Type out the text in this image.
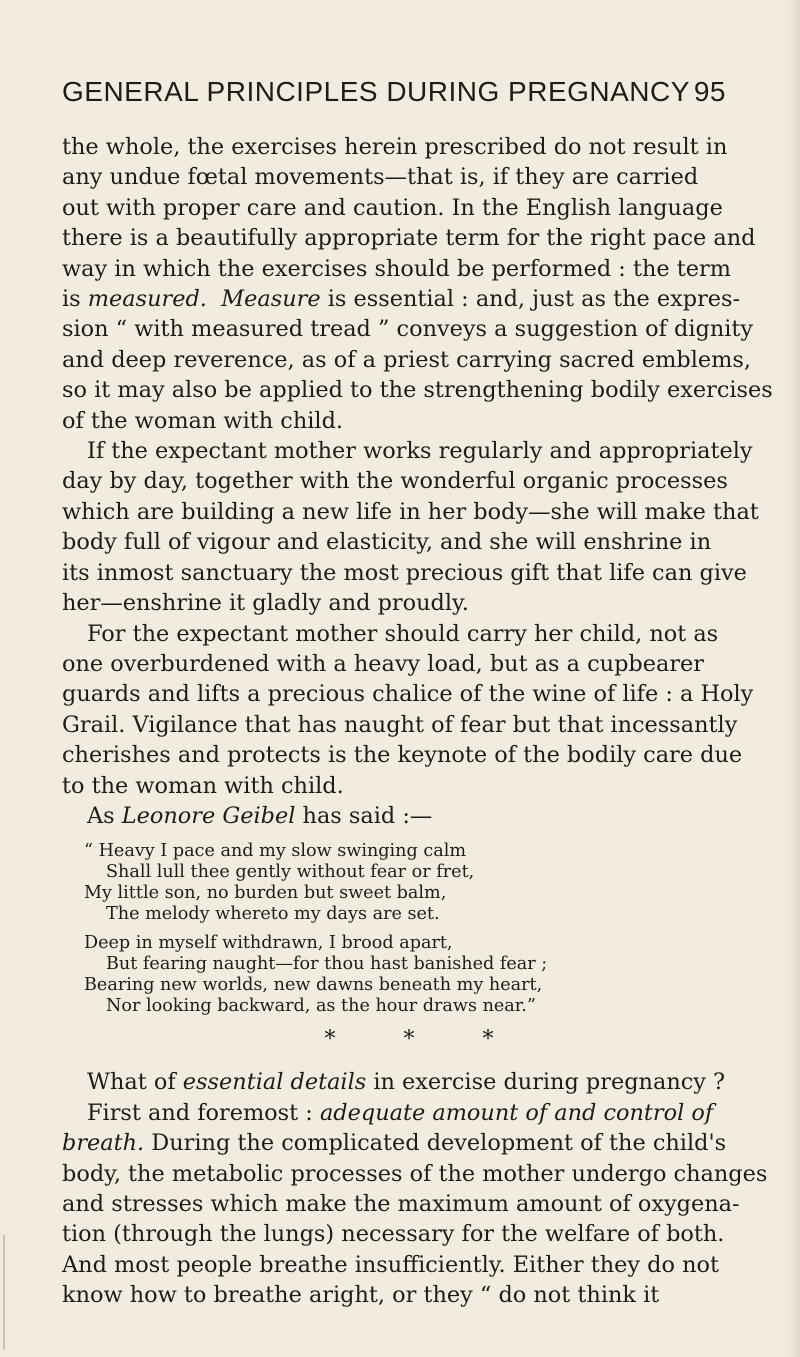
GENERAL PRINCIPLES DURING PREGNANCY 95
the whole, the exercises herein prescribed do not result in
any undue fœtal movements—that is, if they are carried
out with proper care and caution. In the English language
there is a beautifully appropriate term for the right pace and
way in which the exercises should be performed : the term
is measured.

Measure is essential : and, just as the expres-
sion “ with measured tread ” conveys a suggestion of dignity
and deep reverence, as of a priest carrying sacred emblems,
so it may also be applied to the strengthening bodily exercises
of the woman with child.
If the expectant mother works regularly and appropriately
day by day, together with the wonderful organic processes
which are building a new life in her body—she will make that
body full of vigour and elasticity, and she will enshrine in
its inmost sanctuary the most precious gift that life can give
her—enshrine it gladly and proudly.
For the expectant mother should carry her child, not as
one overburdened with a heavy load, but as a cupbearer
guards and lifts a precious chalice of the wine of life : a Holy
Grail. Vigilance that has naught of fear but that incessantly
cherishes and protects is the keynote of the bodily care due
to the woman with child.
As Leonore Geibel has said :—
“ Heavy I pace and my slow swinging calm
Shall lull thee gently without fear or fret,
My little son, no burden but sweet balm,
The melody whereto my days are set.
Deep in myself withdrawn, I brood apart,
But fearing naught—for thou hast banished fear ;
Bearing new worlds, new dawns beneath my heart,
Nor looking backward, as the hour draws near.”
*	*	*
What of essential details in exercise during pregnancy ?
First and foremost : adequate amount of and control of
breath. During the complicated development of the child's
body, the metabolic processes of the mother undergo changes
and stresses which make the maximum amount of oxygena-
tion (through the lungs) necessary for the welfare of both.
And most people breathe insufficiently. Either they do not
know how to breathe aright, or they “ do not think it
